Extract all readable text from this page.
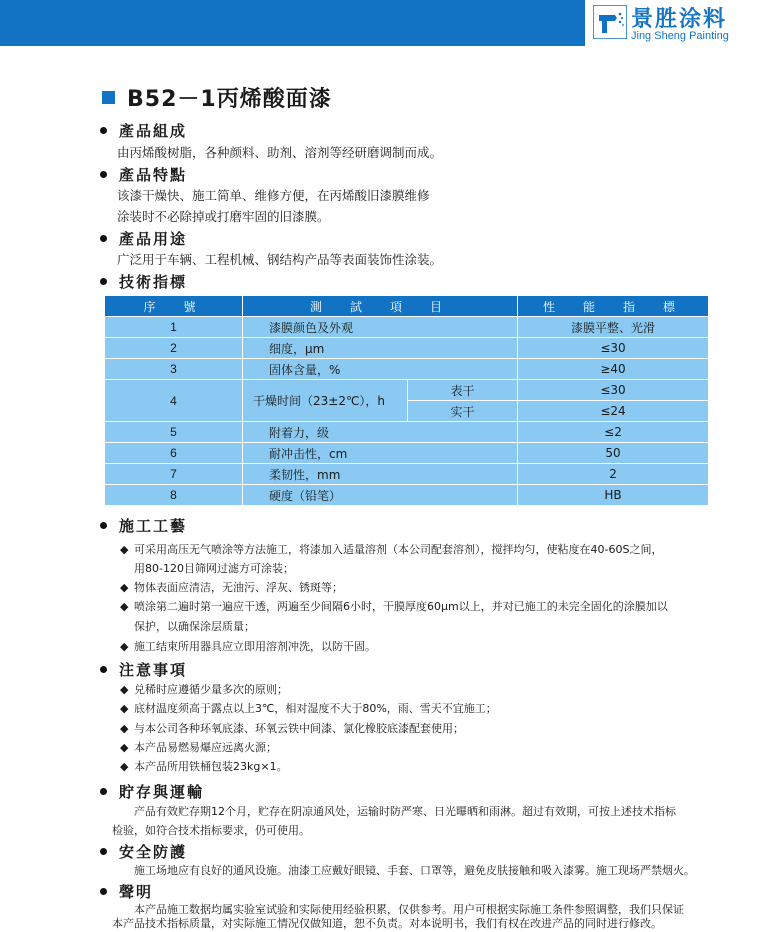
景胜涂料
Jing Sheng Painting
B52－1丙烯酸面漆
產品組成
由丙烯酸树脂，各种颜料、助剂、溶剂等经研磨调制而成。
產品特點
该漆干燥快、施工简单、维修方便，在丙烯酸旧漆膜维修
涂装时不必除掉或打磨牢固的旧漆膜。
產品用途
广泛用于车辆、工程机械、钢结构产品等表面装饰性涂装。
技術指標
序　號	測　試　項　目		性　能　指　標
1	漆膜颜色及外观		漆膜平整、光滑
2	细度，μm		≤30
3	固体含量，%		≥40
4	干燥时间（23±2℃），h	表干	≤30
		实干	≤24
5	附着力，级		≤2
6	耐冲击性，cm		50
7	柔韧性，mm		2
8	硬度（铅笔）		HB
施工工藝
◆ 可采用高压无气喷涂等方法施工，将漆加入适量溶剂（本公司配套溶剂），搅拌均匀，使粘度在40-60S之间，
用80-120目筛网过滤方可涂装；
◆ 物体表面应清洁，无油污、浮灰、锈斑等；
◆ 喷涂第二遍时第一遍应干透，两遍至少间隔6小时，干膜厚度60μm以上，并对已施工的未完全固化的涂膜加以
保护，以确保涂层质量；
◆ 施工结束所用器具应立即用溶剂冲洗，以防干固。
注意事項
◆ 兑稀时应遵循少量多次的原则；
◆ 底材温度须高于露点以上3℃，相对湿度不大于80%，雨、雪天不宜施工；
◆ 与本公司各种环氧底漆、环氧云铁中间漆、氯化橡胶底漆配套使用；
◆ 本产品易燃易爆应远离火源；
◆ 本产品所用铁桶包装23kg×1。
貯存與運輸
产品有效贮存期12个月，贮存在阴凉通风处，运输时防严寒、日光曝晒和雨淋。超过有效期，可按上述技术指标
检验，如符合技术指标要求，仍可使用。
安全防護
施工场地应有良好的通风设施。油漆工应戴好眼镜、手套、口罩等，避免皮肤接触和吸入漆雾。施工现场严禁烟火。
聲明
本产品施工数据均属实验室试验和实际使用经验积累，仅供参考。用户可根据实际施工条件参照调整，我们只保证
本产品技术指标质量，对实际施工情况仅做知道，恕不负责。对本说明书，我们有权在改进产品的同时进行修改。
